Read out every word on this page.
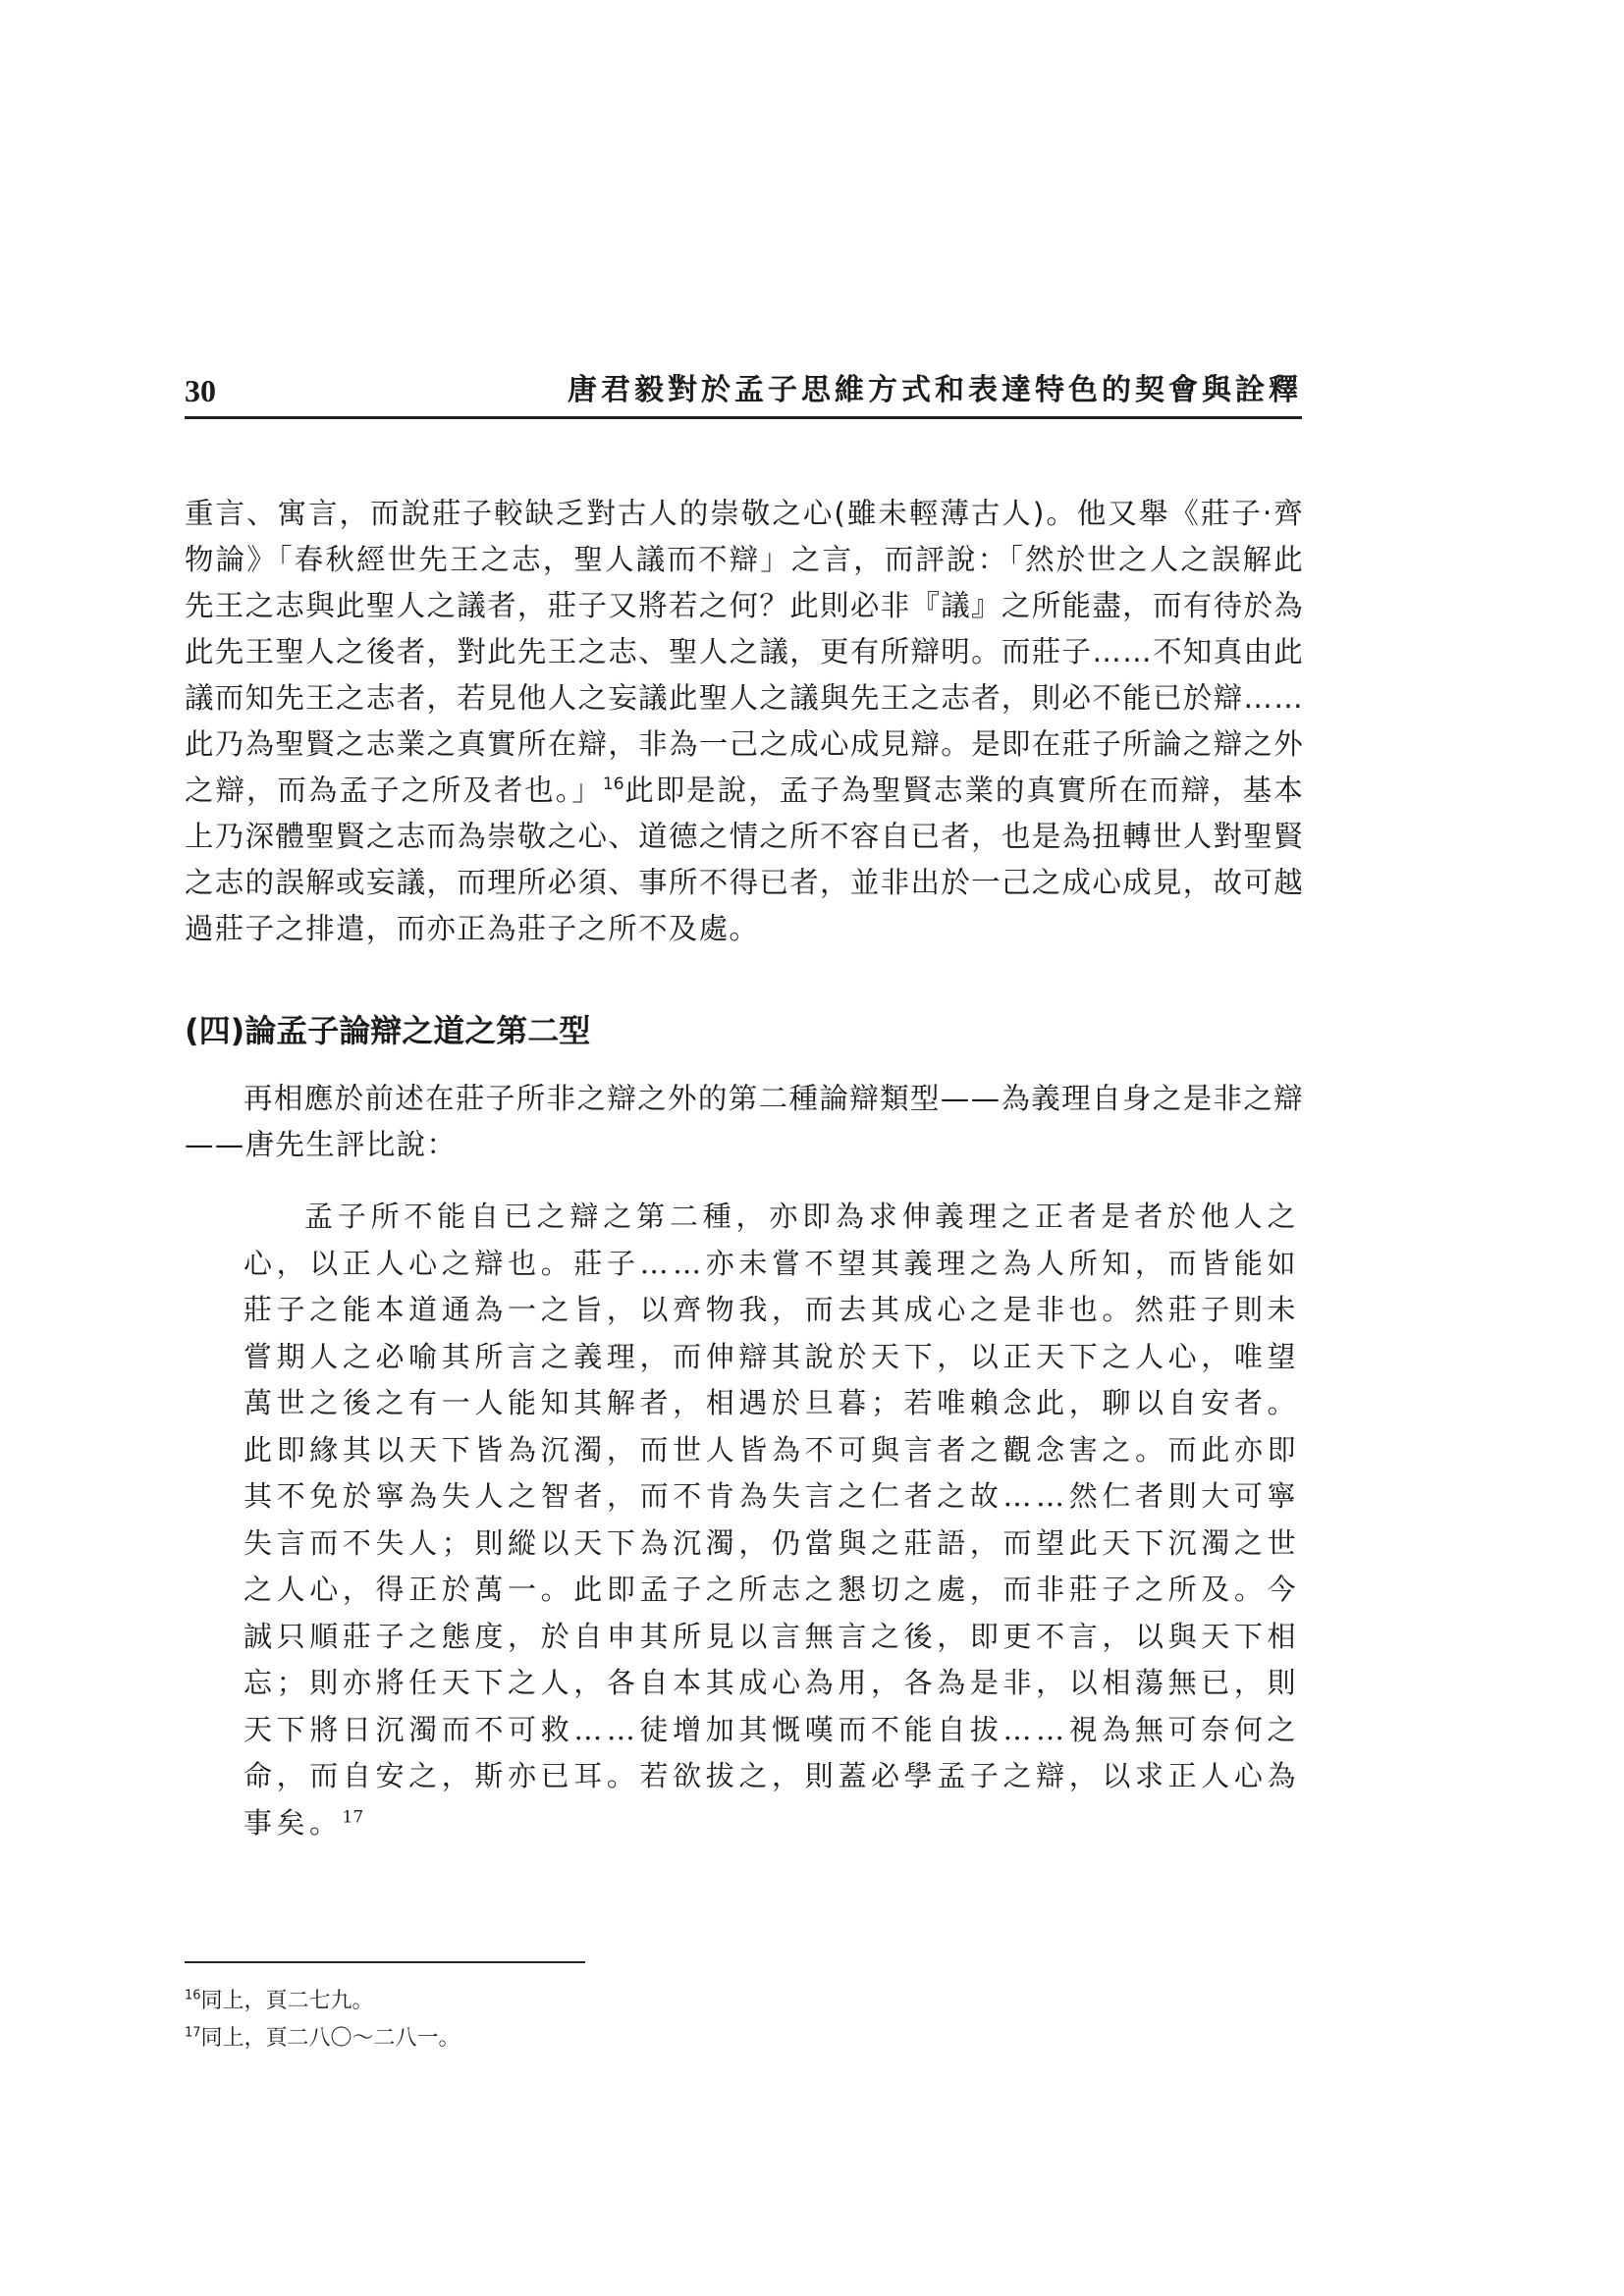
30	唐君毅對於孟子思維方式和表達特色的契會與詮釋

重言、寓言，而說莊子較缺乏對古人的崇敬之心(雖未輕薄古人)。他又舉《莊子‧齊物論》「春秋經世先王之志，聖人議而不辯」之言，而評說：「然於世之人之誤解此先王之志與此聖人之議者，莊子又將若之何？此則必非『議』之所能盡，而有待於為此先王聖人之後者，對此先王之志、聖人之議，更有所辯明。而莊子……不知真由此議而知先王之志者，若見他人之妄議此聖人之議與先王之志者，則必不能已於辯……此乃為聖賢之志業之真實所在辯，非為一己之成心成見辯。是即在莊子所論之辯之外之辯，而為孟子之所及者也。」$^{16}$此即是說，孟子為聖賢志業的真實所在而辯，基本上乃深體聖賢之志而為崇敬之心、道德之情之所不容自已者，也是為扭轉世人對聖賢之志的誤解或妄議，而理所必須、事所不得已者，並非出於一己之成心成見，故可越過莊子之排遣，而亦正為莊子之所不及處。

(四)論孟子論辯之道之第二型

再相應於前述在莊子所非之辯之外的第二種論辯類型——為義理自身之是非之辯——唐先生評比說：

孟子所不能自已之辯之第二種，亦即為求伸義理之正者是者於他人之心，以正人心之辯也。莊子……亦未嘗不望其義理之為人所知，而皆能如莊子之能本道通為一之旨，以齊物我，而去其成心之是非也。然莊子則未嘗期人之必喻其所言之義理，而伸辯其說於天下，以正天下之人心，唯望萬世之後之有一人能知其解者，相遇於旦暮；若唯賴念此，聊以自安者。此即緣其以天下皆為沉濁，而世人皆為不可與言者之觀念害之。而此亦即其不免於寧為失人之智者，而不肯為失言之仁者之故……然仁者則大可寧失言而不失人；則縱以天下為沉濁，仍當與之莊語，而望此天下沉濁之世之人心，得正於萬一。此即孟子之所志之懇切之處，而非莊子之所及。今誠只順莊子之態度，於自申其所見以言無言之後，即更不言，以與天下相忘；則亦將任天下之人，各自本其成心為用，各為是非，以相蕩無已，則天下將日沉濁而不可救……徒增加其慨嘆而不能自拔……視為無可奈何之命，而自安之，斯亦已耳。若欲拔之，則蓋必學孟子之辯，以求正人心為事矣。$^{17}$

$^{16}$同上，頁二七九。

$^{17}$同上，頁二八〇～二八一。
